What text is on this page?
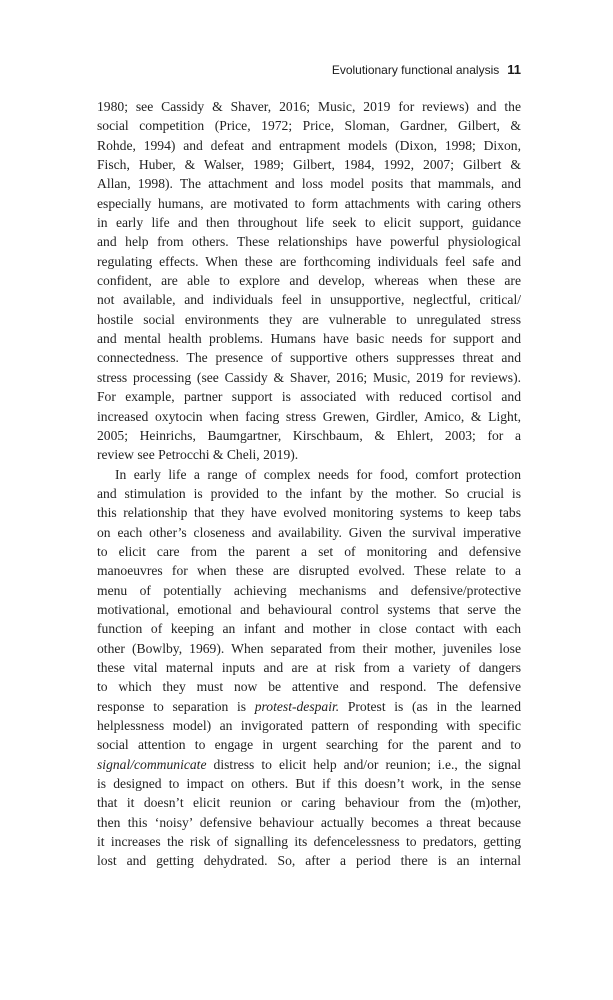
Evolutionary functional analysis 11
1980; see Cassidy & Shaver, 2016; Music, 2019 for reviews) and the
social competition (Price, 1972; Price, Sloman, Gardner, Gilbert, &
Rohde, 1994) and defeat and entrapment models (Dixon, 1998; Dixon,
Fisch, Huber, & Walser, 1989; Gilbert, 1984, 1992, 2007; Gilbert &
Allan, 1998). The attachment and loss model posits that mammals, and
especially humans, are motivated to form attachments with caring others
in early life and then throughout life seek to elicit support, guidance
and help from others. These relationships have powerful physiological
regulating effects. When these are forthcoming individuals feel safe and
confident, are able to explore and develop, whereas when these are
not available, and individuals feel in unsupportive, neglectful, critical/
hostile social environments they are vulnerable to unregulated stress
and mental health problems. Humans have basic needs for support and
connectedness. The presence of supportive others suppresses threat and
stress processing (see Cassidy & Shaver, 2016; Music, 2019 for reviews).
For example, partner support is associated with reduced cortisol and
increased oxytocin when facing stress Grewen, Girdler, Amico, & Light,
2005; Heinrichs, Baumgartner, Kirschbaum, & Ehlert, 2003; for a
review see Petrocchi & Cheli, 2019).
In early life a range of complex needs for food, comfort protection
and stimulation is provided to the infant by the mother. So crucial is
this relationship that they have evolved monitoring systems to keep tabs
on each other’s closeness and availability. Given the survival imperative
to elicit care from the parent a set of monitoring and defensive
manoeuvres for when these are disrupted evolved. These relate to a
menu of potentially achieving mechanisms and defensive/protective
motivational, emotional and behavioural control systems that serve the
function of keeping an infant and mother in close contact with each
other (Bowlby, 1969). When separated from their mother, juveniles lose
these vital maternal inputs and are at risk from a variety of dangers
to which they must now be attentive and respond. The defensive
response to separation is protest-despair. Protest is (as in the learned
helplessness model) an invigorated pattern of responding with specific
social attention to engage in urgent searching for the parent and to
signal/communicate distress to elicit help and/or reunion; i.e., the signal
is designed to impact on others. But if this doesn’t work, in the sense
that it doesn’t elicit reunion or caring behaviour from the (m)other,
then this ‘noisy’ defensive behaviour actually becomes a threat because
it increases the risk of signalling its defencelessness to predators, getting
lost and getting dehydrated. So, after a period there is an internal
